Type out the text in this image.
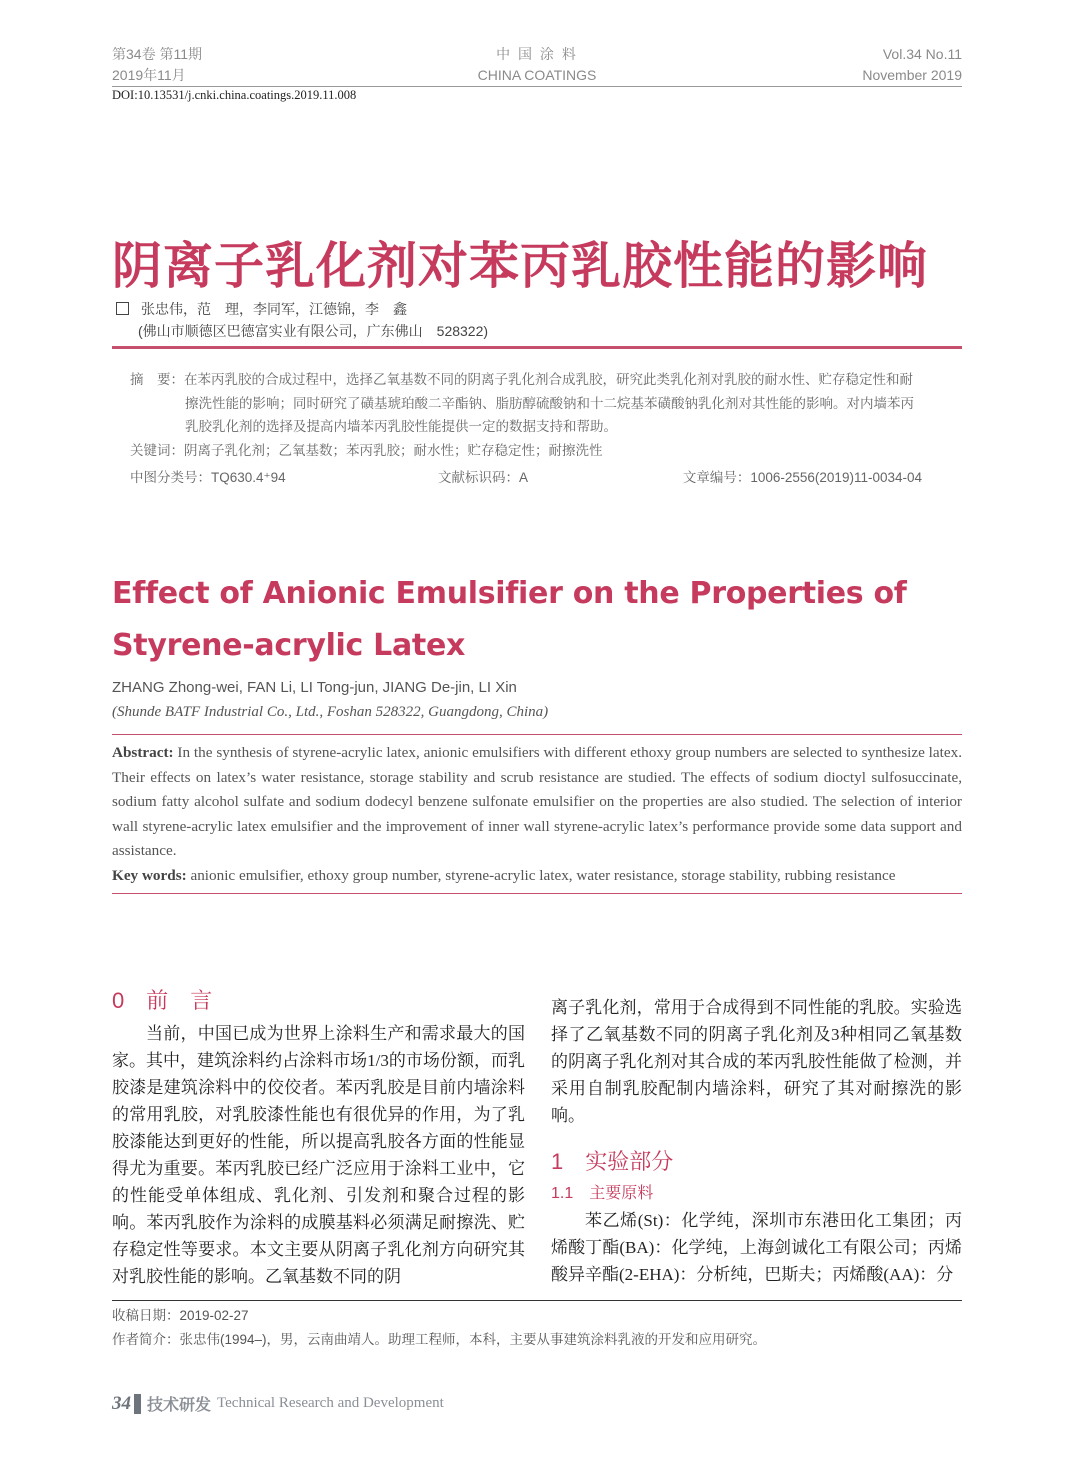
第34卷 第11期
2019年11月
中 国 涂 料
CHINA COATINGS
Vol.34 No.11
November 2019
DOI:10.13531/j.cnki.china.coatings.2019.11.008
阴离子乳化剂对苯丙乳胶性能的影响
张忠伟，范　理，李同军，江德锦，李　鑫
(佛山市顺德区巴德富实业有限公司，广东佛山　528322)
摘　要：在苯丙乳胶的合成过程中，选择乙氧基数不同的阴离子乳化剂合成乳胶，研究此类乳化剂对乳胶的耐水性、贮存稳定性和耐擦洗性能的影响；同时研究了磺基琥珀酸二辛酯钠、脂肪醇硫酸钠和十二烷基苯磺酸钠乳化剂对其性能的影响。对内墙苯丙乳胶乳化剂的选择及提高内墙苯丙乳胶性能提供一定的数据支持和帮助。
关键词：阴离子乳化剂；乙氧基数；苯丙乳胶；耐水性；贮存稳定性；耐擦洗性
中图分类号：TQ630.4⁺94	文献标识码：A	文章编号：1006-2556(2019)11-0034-04
Effect of Anionic Emulsifier on the Properties of
Styrene-acrylic Latex
ZHANG Zhong-wei, FAN Li, LI Tong-jun, JIANG De-jin, LI Xin
(Shunde BATF Industrial Co., Ltd., Foshan 528322, Guangdong, China)
Abstract: In the synthesis of styrene-acrylic latex, anionic emulsifiers with different ethoxy group numbers are selected to synthesize latex. Their effects on latex’s water resistance, storage stability and scrub resistance are studied. The effects of sodium dioctyl sulfosuccinate, sodium fatty alcohol sulfate and sodium dodecyl benzene sulfonate emulsifier on the properties are also studied. The selection of interior wall styrene-acrylic latex emulsifier and the improvement of inner wall styrene-acrylic latex’s performance provide some data support and assistance.
Key words: anionic emulsifier, ethoxy group number, styrene-acrylic latex, water resistance, storage stability, rubbing resistance
0　前　言

当前，中国已成为世界上涂料生产和需求最大的国家。其中，建筑涂料约占涂料市场1/3的市场份额，而乳胶漆是建筑涂料中的佼佼者。苯丙乳胶是目前内墙涂料的常用乳胶，对乳胶漆性能也有很优异的作用，为了乳胶漆能达到更好的性能，所以提高乳胶各方面的性能显得尤为重要。苯丙乳胶已经广泛应用于涂料工业中，它的性能受单体组成、乳化剂、引发剂和聚合过程的影响。苯丙乳胶作为涂料的成膜基料必须满足耐擦洗、贮存稳定性等要求。本文主要从阴离子乳化剂方向研究其对乳胶性能的影响。乙氧基数不同的阴

离子乳化剂，常用于合成得到不同性能的乳胶。实验选择了乙氧基数不同的阴离子乳化剂及3种相同乙氧基数的阴离子乳化剂对其合成的苯丙乳胶性能做了检测，并采用自制乳胶配制内墙涂料，研究了其对耐擦洗的影响。

1　实验部分
1.1　主要原料

苯乙烯(St)：化学纯，深圳市东港田化工集团；丙烯酸丁酯(BA)：化学纯，上海剑诚化工有限公司；丙烯酸异辛酯(2-EHA)：分析纯，巴斯夫；丙烯酸(AA)：分

收稿日期：2019-02-27
作者简介：张忠伟(1994–)，男，云南曲靖人。助理工程师，本科，主要从事建筑涂料乳液的开发和应用研究。
34 技术研发 Technical Research and Development
